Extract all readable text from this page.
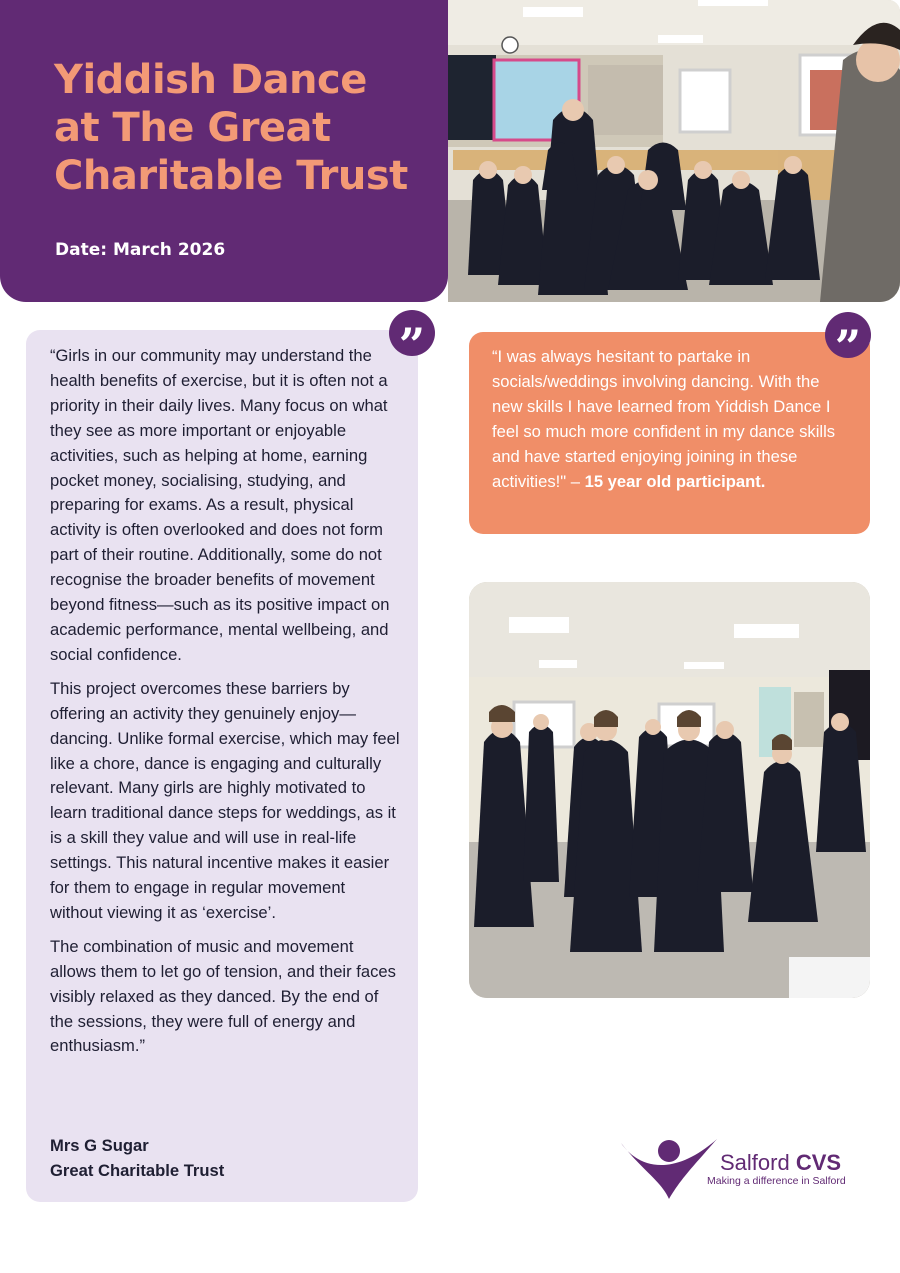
Yiddish Dance
at The Great
Charitable Trust
Date: March 2026
”

“Girls in our community may understand the health benefits of exercise, but it is often not a priority in their daily lives. Many focus on what they see as more important or enjoyable activities, such as helping at home, earning pocket money, socialising, studying, and preparing for exams. As a result, physical activity is often overlooked and does not form part of their routine. Additionally, some do not recognise the broader benefits of movement beyond fitness—such as its positive impact on academic performance, mental wellbeing, and social confidence.

This project overcomes these barriers by offering an activity they genuinely enjoy—dancing. Unlike formal exercise, which may feel like a chore, dance is engaging and culturally relevant. Many girls are highly motivated to learn traditional dance steps for weddings, as it is a skill they value and will use in real-life settings. This natural incentive makes it easier for them to engage in regular movement without viewing it as ‘exercise’.

The combination of music and movement allows them to let go of tension, and their faces visibly relaxed as they danced. By the end of the sessions, they were full of energy and enthusiasm.”

Mrs G Sugar
Great Charitable Trust
”
“I was always hesitant to partake in socials/weddings involving dancing. With the new skills I have learned from Yiddish Dance I feel so much more confident in my dance skills and have started enjoying joining in these activities!" – 15 year old participant.
Salford CVS
Making a difference in Salford
